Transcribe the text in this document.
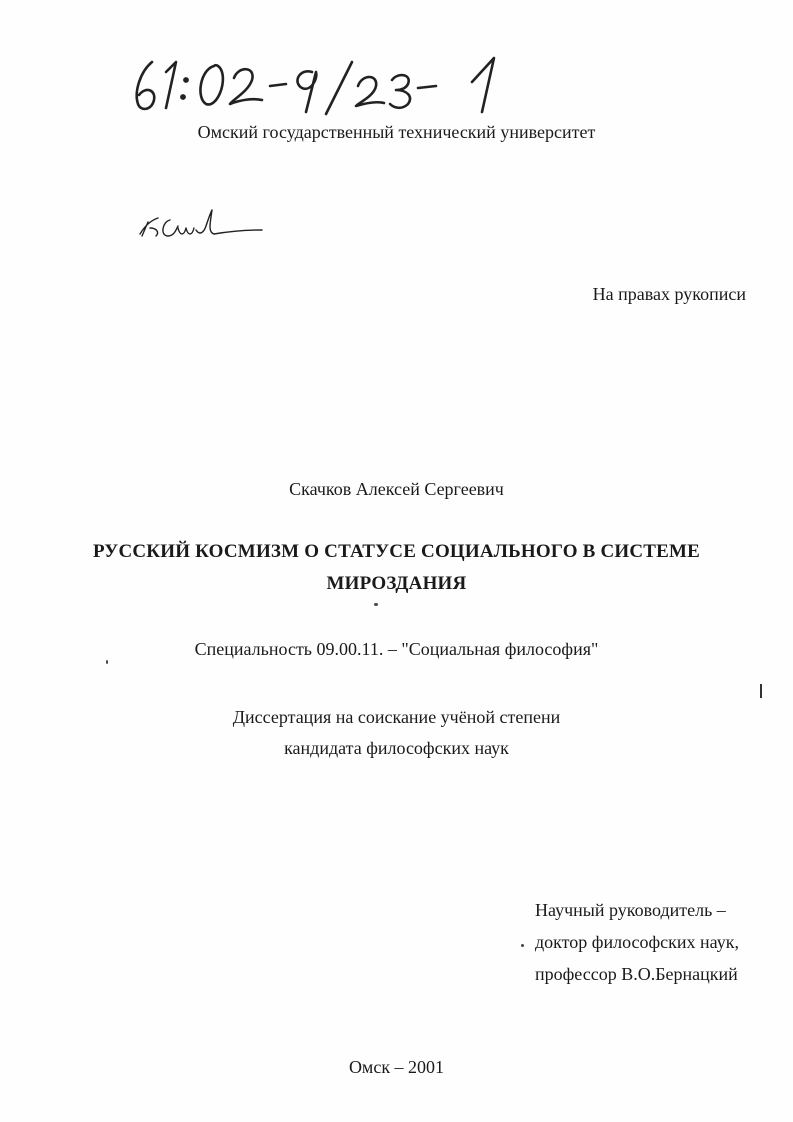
Омский государственный технический университет
На правах рукописи
Скачков Алексей Сергеевич
РУССКИЙ КОСМИЗМ О СТАТУСЕ СОЦИАЛЬНОГО В СИСТЕМЕ
МИРОЗДАНИЯ
Специальность 09.00.11. – "Социальная философия"
Диссертация на соискание учёной степени
кандидата философских наук
Научный руководитель –
доктор философских наук,
профессор В.О.Бернацкий
Омск – 2001
